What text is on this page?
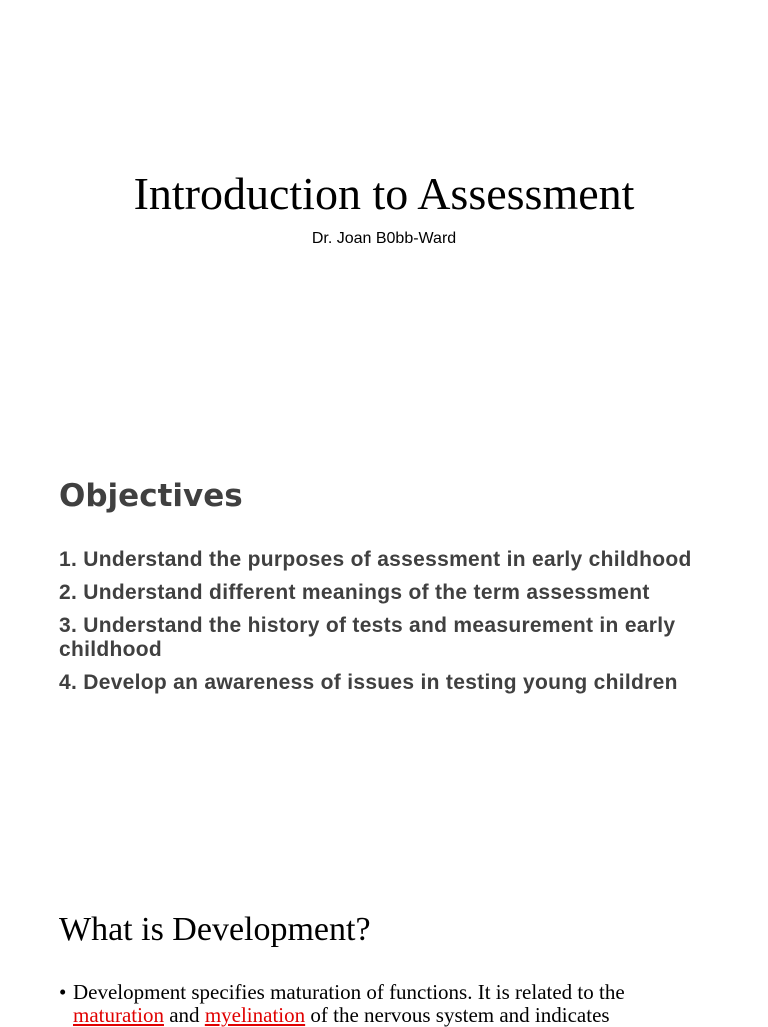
Introduction to Assessment
Dr. Joan B0bb-Ward
Objectives
1. Understand the purposes of assessment in early childhood
2. Understand different meanings of the term assessment
3. Understand the history of tests and measurement in early childhood
4. Develop an awareness of issues in testing young children
What is Development?
• Development specifies maturation of functions. It is related to the
maturation and myelination of the nervous system and indicates
